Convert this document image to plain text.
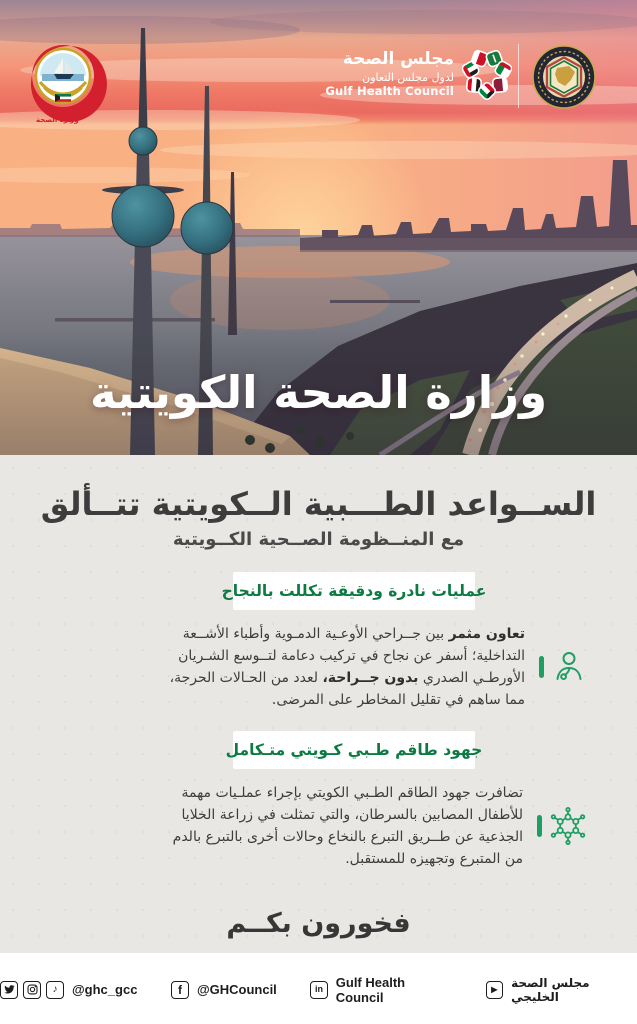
وزارة الصحة
مجلس الصحة
لدول مجلس التعاون
Gulf Health Council
وزارة الصحة الكويتية
الســواعد الطـــبية الــكويتية تتــألق
مع المنــظومة الصــحية الكــويتية
عمليات نادرة ودقيقة تكللت بالنجاح

تعاون مثمر بين جــراحي الأوعـية الدمـوية وأطباء الأشــعة التداخلية؛ أسفر عن نجاح في تركيب دعامة لتــوسع الشـريان الأورطـي الصدري بدون جــراحة، لعدد من الحـالات الحرجة، مما ساهم في تقليل المخاطر على المرضى.

جهود طاقم طـبي كـويتي متـكامل

تضافرت جهود الطاقم الطـبي الكويتي بإجراء عملـيات مهمة للأطفال المصابين بالسرطان، والتي تمثلت في زراعة الخلايا الجذعية عن طــريق التبرع بالنخاع وحالات أخرى بالتبرع بالدم من المتبرع وتجهيزه للمستقبل.

فخورون بكــم
♪	@ghc_gcc	f	@GHCouncil	in Gulf Health Council
▶	مجلس الصحة الخليجي
